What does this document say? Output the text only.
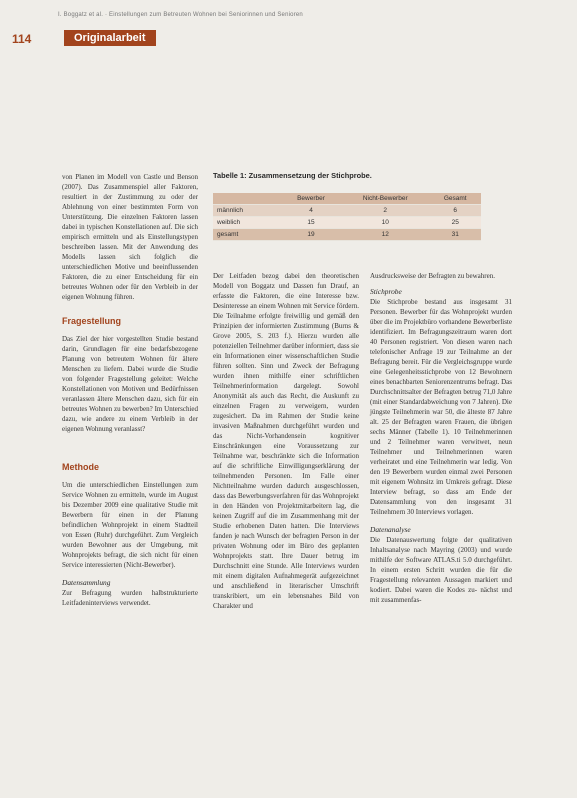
I. Boggatz et al. · Einstellungen zum Betreuten Wohnen bei Seniorinnen und Senioren
114	Originalarbeit

von Planen im Modell von Castle und Benson (2007). Das Zusammenspiel aller Faktoren, resultiert in der Zustimmung zu oder der Ablehnung von einer bestimmten Form von Unterstützung. Die einzelnen Faktoren lassen dabei in typischen Konstellationen auf. Die sich empirisch ermitteln und als Einstellungstypen beschreiben lassen. Mit der Anwendung des Modells lassen sich folglich die unterschiedlichen Motive und beeinflussenden Faktoren, die zu einer Entscheidung für ein betreutes Wohnen oder für den Verbleib in der eigenen Wohnung führen.

Fragestellung

Das Ziel der hier vorgestellten Studie bestand darin, Grundlagen für eine bedarfsbezogene Planung von betreutem Wohnen für ältere Menschen zu liefern. Dabei wurde die Studie von folgender Fragestellung geleitet: Welche Konstellationen von Motiven und Bedürfnissen veranlassen ältere Menschen dazu, sich für ein betreutes Wohnen zu bewerben? Im Unterschied dazu, wie andere zu einem Verbleib in der eigenen Wohnung veranlasst?

Methode

Um die unterschiedlichen Einstellungen zum Service Wohnen zu ermitteln, wurde im August bis Dezember 2009 eine qualitative Studie mit Bewerbern für einen in der Planung befindlichen Wohnprojekt in einem Stadtteil von Essen (Ruhr) durchgeführt. Zum Vergleich wurden Bewohner aus der Umgebung, mit Wohnprojekts befragt, die sich nicht für einen Service interessierten (Nicht-Bewerber).

Datensammlung

Zur Befragung wurden halbstrukturierte Leitfadeninterviews verwendet.

Tabelle 1: Zusammensetzung der Stichprobe.
	Bewerber	Nicht-Bewerber	Gesamt
männlich	4	2	6
weiblich	15	10	25
gesamt	19	12	31

Der Leitfaden bezog dabei den theoretischen Modell von Boggatz und Dassen fun Drauf, an erfasste die Faktoren, die eine Interesse bzw. Desinteresse an einem Wohnen mit Service fördern. Die Teilnahme erfolgte freiwillig und gemäß den Prinzipien der informierten Zustimmung (Burns & Grove 2005, S. 203 f.). Hierzu wurden alle potenziellen Teilnehmer darüber informiert, dass sie ein Informationen einer wissenschaftlichen Studie führen sollten. Sinn und Zweck der Befragung wurden ihnen mithilfe einer schriftlichen Teilnehmerinformation dargelegt. Sowohl Anonymität als auch das Recht, die Auskunft zu einzelnen Fragen zu verweigern, wurden zugesichert. Da im Rahmen der Studie keine invasiven Maßnahmen durchgeführt wurden und das Nicht-Vorhandensein kognitiver Einschränkungen eine Voraussetzung zur Teilnahme war, beschränkte sich die Information auf die schriftliche Einwilligungserklärung der teilnehmenden Personen. Im Falle einer Nichtteilnahme wurden dadurch ausgeschlossen, dass das Bewerbungsverfahren für das Wohnprojekt in den Händen von Projektmitarbeitern lag, die keinen Zugriff auf die im Zusammenhang mit der Studie erhobenen Daten hatten. Die Interviews fanden je nach Wunsch der befragten Person in der privaten Wohnung oder im Büro des geplanten Wohnprojekts statt. Ihre Dauer betrug im Durchschnitt eine Stunde. Alle Interviews wurden mit einem digitalen Aufnahmegerät aufgezeichnet und anschließend in literarischer Umschrift transkribiert, um ein lebensnahes Bild von Charakter und

Ausdrucksweise der Befragten zu bewahren.

Stichprobe

Die Stichprobe bestand aus insgesamt 31 Personen. Bewerber für das Wohnprojekt wurden über die im Projektbüro vorhandene Bewerberliste identifiziert. Im Befragungszeitraum waren dort 40 Personen registriert. Von diesen waren nach telefonischer Anfrage 19 zur Teilnahme an der Befragung bereit. Für die Vergleichsgruppe wurde eine Gelegenheitsstichprobe von 12 Bewohnern eines benachbarten Seniorenzentrums befragt. Das Durchschnittsalter der Befragten betrug 71,0 Jahre (mit einer Standardabweichung von 7 Jahren). Die jüngste Teilnehmerin war 50, die älteste 87 Jahre alt. 25 der Befragten waren Frauen, die übrigen sechs Männer (Tabelle 1). 10 Teilnehmerinnen und 2 Teilnehmer waren verwitwet, neun Teilnehmer und Teilnehmerinnen waren verheiratet und eine Teilnehmerin war ledig. Von den 19 Bewerbern wurden einmal zwei Personen mit eigenem Wohnsitz im Umkreis gefragt. Diese Interview befragt, so dass am Ende der Datensammlung von den insgesamt 31 Teilnehmern 30 Interviews vorlagen.

Datenanalyse

Die Datenauswertung folgte der qualitativen Inhaltsanalyse nach Mayring (2003) und wurde mithilfe der Software ATLAS.ti 5.0 durchgeführt. In einem ersten Schritt wurden die für die Fragestellung relevanten Aussagen markiert und kodiert. Dabei waren die Kodes zu- nächst und mit zusammenfas-
